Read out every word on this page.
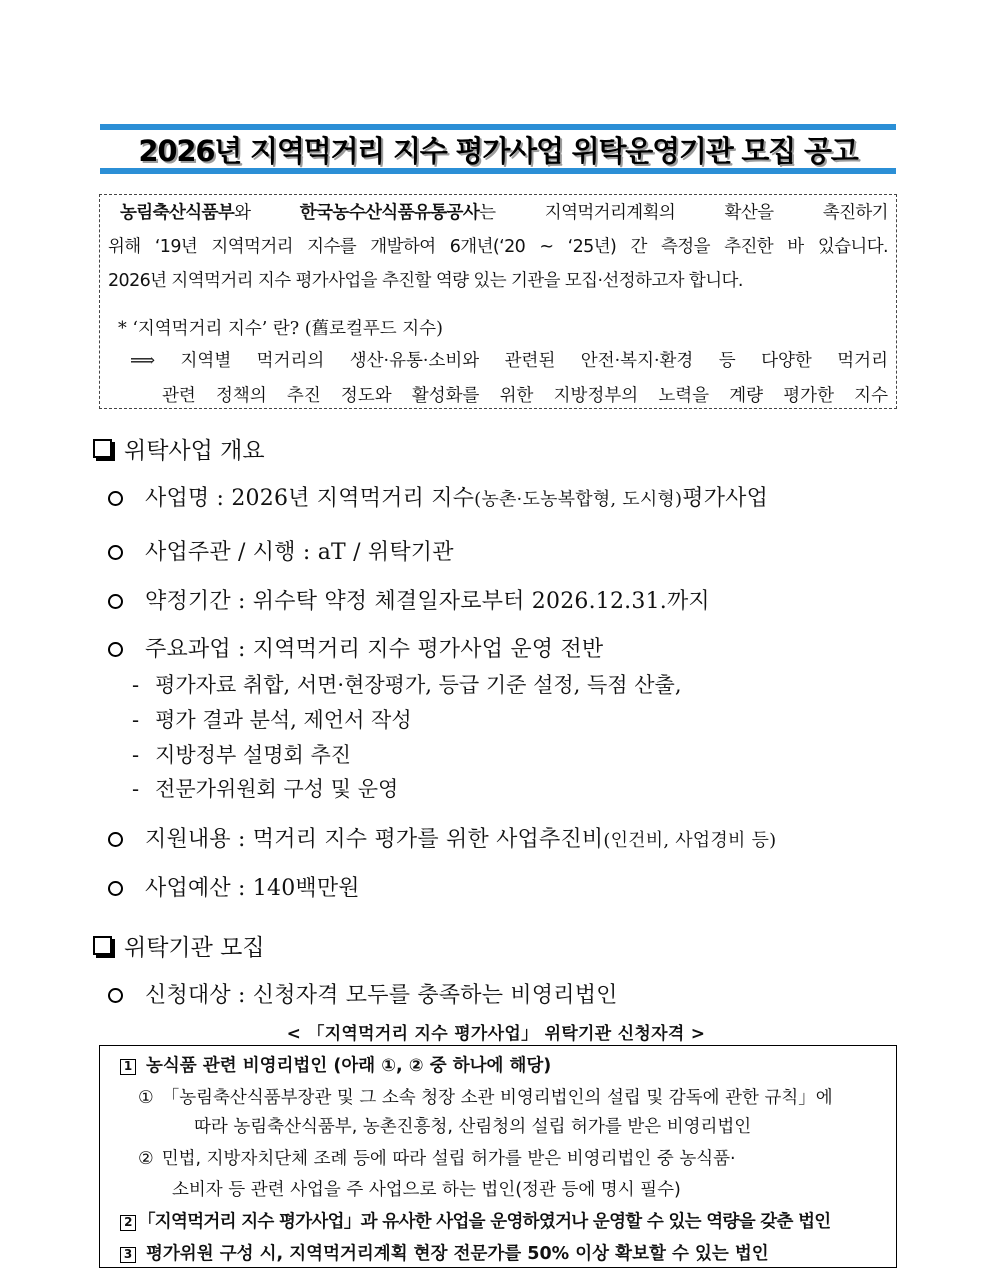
2026년 지역먹거리 지수 평가사업 위탁운영기관 모집 공고
농림축산식품부와 한국농수산식품유통공사는 지역먹거리계획의 확산을 촉진하기
위해 ‘19년 지역먹거리 지수를 개발하여 6개년(‘20 ~ ‘25년) 간 측정을 추진한 바 있습니다.
2026년 지역먹거리 지수 평가사업을 추진할 역량 있는 기관을 모집·선정하고자 합니다.
* ‘지역먹거리 지수’ 란? (舊로컬푸드 지수)
⟹ 지역별 먹거리의 생산·유통·소비와 관련된 안전·복지·환경 등 다양한 먹거리
관련 정책의 추진 정도와 활성화를 위한 지방정부의 노력을 계량 평가한 지수
위탁사업 개요
사업명 : 2026년 지역먹거리 지수 (농촌·도농복합형, 도시형) 평가사업
사업주관 / 시행 : aT / 위탁기관
약정기간 : 위수탁 약정 체결일자로부터 2026.12.31.까지
주요과업 : 지역먹거리 지수 평가사업 운영 전반
- 평가자료 취합, 서면·현장평가, 등급 기준 설정, 득점 산출,
- 평가 결과 분석, 제언서 작성
- 지방정부 설명회 추진
- 전문가위원회 구성 및 운영
지원내용 : 먹거리 지수 평가를 위한 사업추진비 (인건비, 사업경비 등)
사업예산 : 140백만원
위탁기관 모집
신청대상 : 신청자격 모두를 충족하는 비영리법인
< 「지역먹거리 지수 평가사업」 위탁기관 신청자격 >
1 농식품 관련 비영리법인 (아래 ①, ② 중 하나에 해당)
① 「농림축산식품부장관 및 그 소속 청장 소관 비영리법인의 설립 및 감독에 관한 규칙」에
따라 농림축산식품부, 농촌진흥청, 산림청의 설립 허가를 받은 비영리법인
② 민법, 지방자치단체 조례 등에 따라 설립 허가를 받은 비영리법인 중 농식품·
소비자 등 관련 사업을 주 사업으로 하는 법인(정관 등에 명시 필수)
2 「지역먹거리 지수 평가사업」과 유사한 사업을 운영하였거나 운영할 수 있는 역량을 갖춘 법인
3 평가위원 구성 시, 지역먹거리계획 현장 전문가를 50% 이상 확보할 수 있는 법인
